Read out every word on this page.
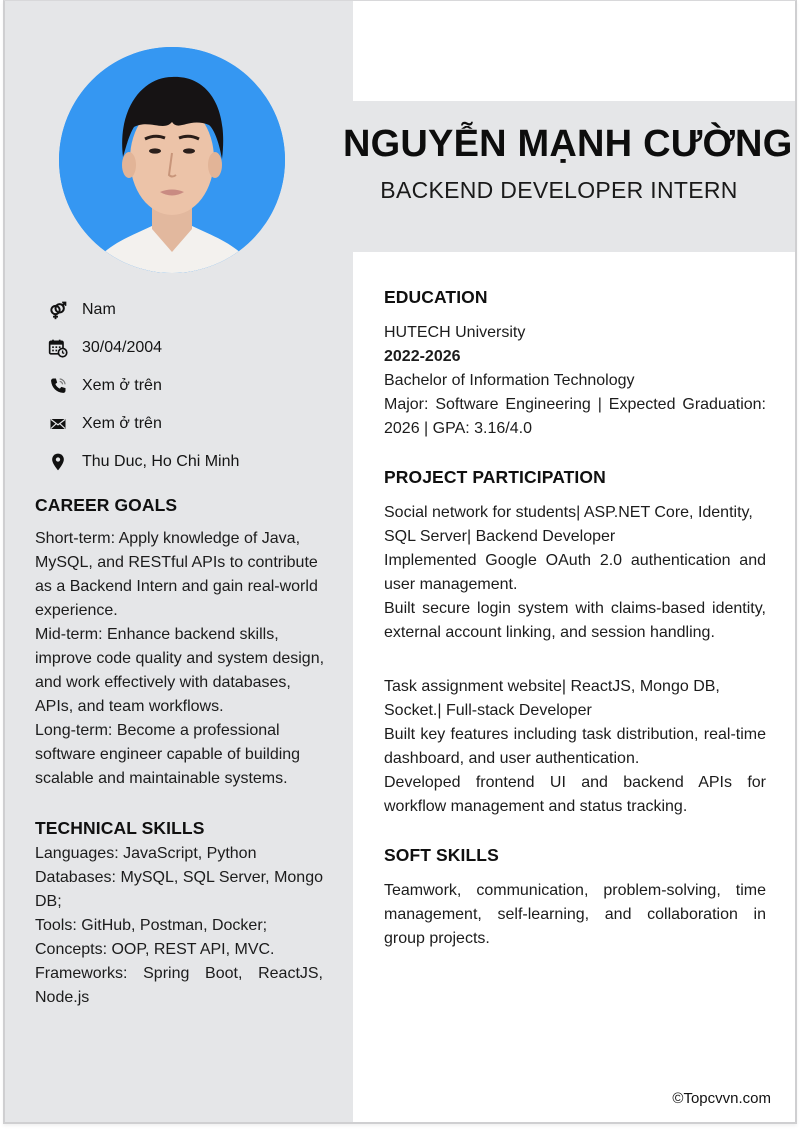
Nam
30/04/2004
Xem ở trên
Xem ở trên
Thu Duc, Ho Chi Minh
CAREER GOALS
Short-term: Apply knowledge of Java, MySQL, and RESTful APIs to contribute as a Backend Intern and gain real-world experience.
Mid-term: Enhance backend skills, improve code quality and system design, and work effectively with databases, APIs, and team workflows.
Long-term: Become a professional software engineer capable of building scalable and maintainable systems.
TECHNICAL SKILLS
Languages: JavaScript, Python
Databases: MySQL, SQL Server, Mongo DB;
Tools: GitHub, Postman, Docker;
Concepts: OOP, REST API, MVC.
Frameworks: Spring Boot, ReactJS, Node.js
NGUYỄN MẠNH CƯỜNG
BACKEND DEVELOPER INTERN
EDUCATION
HUTECH University
2022-2026
Bachelor of Information Technology
Major: Software Engineering | Expected Graduation: 2026 | GPA: 3.16/4.0
PROJECT PARTICIPATION
Social network for students| ASP.NET Core, Identity, SQL Server| Backend Developer
Implemented Google OAuth 2.0 authentication and user management.
Built secure login system with claims-based identity, external account linking, and session handling.
Task assignment website| ReactJS, Mongo DB, Socket.| Full-stack Developer
Built key features including task distribution, real-time dashboard, and user authentication.
Developed frontend UI and backend APIs for workflow management and status tracking.
SOFT SKILLS
Teamwork, communication, problem-solving, time management, self-learning, and collaboration in group projects.
©Topcvvn.com
